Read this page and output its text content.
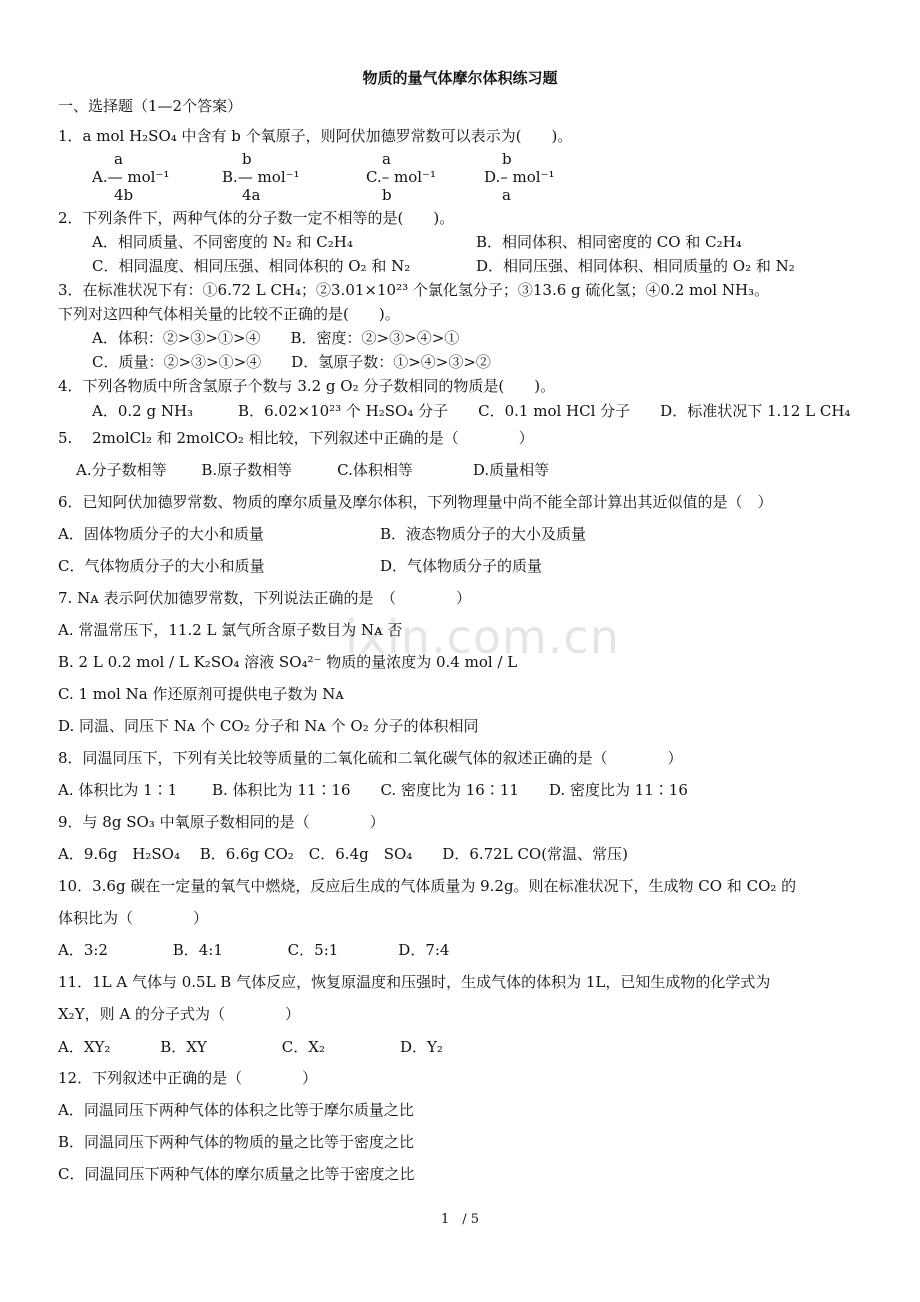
ixin.com.cn
物质的量气体摩尔体积练习题
一、选择题（1—2个答案）
1．a mol H₂SO₄ 中含有 b 个氧原子，则阿伏加德罗常数可以表示为(　　)。
a
A.— mol⁻¹
4b
b
B.— mol⁻¹
4a
a
C.– mol⁻¹
b
b
D.– mol⁻¹
a
2．下列条件下，两种气体的分子数一定不相等的是(　　)。
A．相同质量、不同密度的 N₂ 和 C₂H₄	B．相同体积、相同密度的 CO 和 C₂H₄
C．相同温度、相同压强、相同体积的 O₂ 和 N₂	D．相同压强、相同体积、相同质量的 O₂ 和 N₂
3．在标准状况下有：①6.72 L CH₄；②3.01×10²³ 个氯化氢分子；③13.6 g 硫化氢；④0.2 mol NH₃。
下列对这四种气体相关量的比较不正确的是(　　)。
A．体积：②>③>①>④　　B．密度：②>③>④>①
C．质量：②>③>①>④　　D．氢原子数：①>④>③>②
4．下列各物质中所含氢原子个数与 3.2 g O₂ 分子数相同的物质是(　　)。
A．0.2 g NH₃　　　B．6.02×10²³ 个 H₂SO₄ 分子　　C．0.1 mol HCl 分子　　D．标准状况下 1.12 L CH₄
5.　 2molCl₂ 和 2molCO₂ 相比较，下列叙述中正确的是（　　　　）
A.分子数相等　　 B.原子数相等　　　C.体积相等　　　　D.质量相等
6．已知阿伏加德罗常数、物质的摩尔质量及摩尔体积，下列物理量中尚不能全部计算出其近似值的是（　）
A．固体物质分子的大小和质量	B．液态物质分子的大小及质量
C．气体物质分子的大小和质量	D．气体物质分子的质量
7. Nᴀ 表示阿伏加德罗常数，下列说法正确的是　（　　　　）
A. 常温常压下，11.2 L 氯气所含原子数目为 Nᴀ 否
B. 2 L 0.2 mol / L K₂SO₄ 溶液 SO₄²⁻ 物质的量浓度为 0.4 mol / L
C. 1 mol Na 作还原剂可提供电子数为 Nᴀ
D. 同温、同压下 Nᴀ 个 CO₂ 分子和 Nᴀ 个 O₂ 分子的体积相同
8．同温同压下，下列有关比较等质量的二氧化硫和二氧化碳气体的叙述正确的是（　　　　）
A. 体积比为 1∶1　　 B. 体积比为 11∶16　　C. 密度比为 16∶11　　D. 密度比为 11∶16
9．与 8g SO₃ 中氧原子数相同的是（　　　　）
A．9.6g　H₂SO₄　 B．6.6g CO₂　C．6.4g　SO₄　　D．6.72L CO(常温、常压)
10．3.6g 碳在一定量的氧气中燃烧，反应后生成的气体质量为 9.2g。则在标准状况下，生成物 CO 和 CO₂ 的
体积比为（　　　　）
A．3:2　　　　 B．4:1　　　　 C．5:1　　　　D．7:4
11．1L A 气体与 0.5L B 气体反应，恢复原温度和压强时，生成气体的体积为 1L，已知生成物的化学式为
X₂Y，则 A 的分子式为（　　　　）
A．XY₂　　　 B．XY　　　　　C．X₂　　　　　D．Y₂
12．下列叙述中正确的是（　　　　）
A．同温同压下两种气体的体积之比等于摩尔质量之比
B．同温同压下两种气体的物质的量之比等于密度之比
C．同温同压下两种气体的摩尔质量之比等于密度之比
1　/ 5
